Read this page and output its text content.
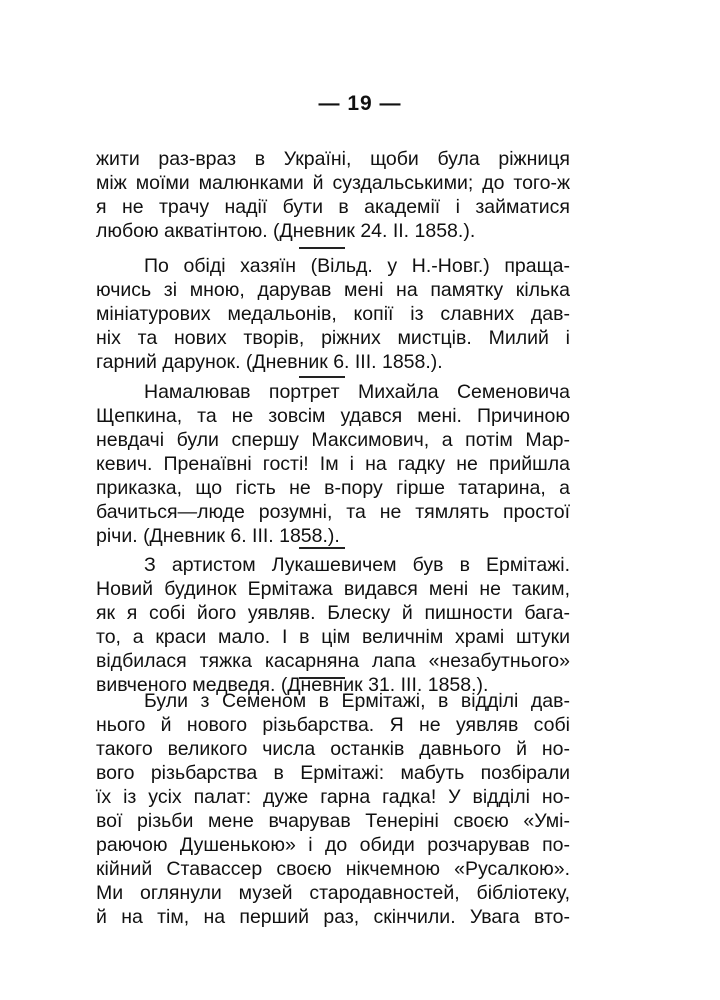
— 19 —
жити раз-враз в Україні, щоби була ріжниця
між моїми малюнками й суздальськими; до того-ж
я не трачу надії бути в академії і займатися
любою акватінтою. (Дневник 24. II. 1858.).
По обіді хазяїн (Вільд. у Н.-Новг.) праща-
ючись зі мною, дарував мені на памятку кілька
мініатурових медальонів, копії із славних дав-
ніх та нових творів, ріжних мистців. Милий і
гарний дарунок. (Дневник 6. III. 1858.).
Намалював портрет Михайла Семеновича
Щепкина, та не зовсім удався мені. Причиною
невдачі були спершу Максимович, а потім Мар-
кевич. Пренаївні гості! Ім і на гадку не прийшла
приказка, що гість не в-пору гірше татарина, а
бачиться—люде розумні, та не тямлять простої
річи. (Дневник 6. III. 1858.).
З артистом Лукашевичем був в Ермітажі.
Новий будинок Ермітажа видався мені не таким,
як я собі його уявляв. Блеску й пишности бага-
то, а краси мало. І в цім величнім храмі штуки
відбилася тяжка касарняна лапа «незабутнього»
вивченого медведя. (Дневник 31. III. 1858.).
Були з Семеном в Ермітажі, в відділі дав-
нього й нового різьбарства. Я не уявляв собі
такого великого числа останків давнього й но-
вого різьбарства в Ермітажі: мабуть позбірали
їх із усіх палат: дуже гарна гадка! У відділі но-
вої різьби мене вчарував Тенеріні своєю «Умі-
раючою Душенькою» і до обиди розчарував по-
кійний Ставассер своєю нікчемною «Русалкою».
Ми оглянули музей стародавностей, бібліотеку,
й на тім, на перший раз, скінчили. Увага вто-
